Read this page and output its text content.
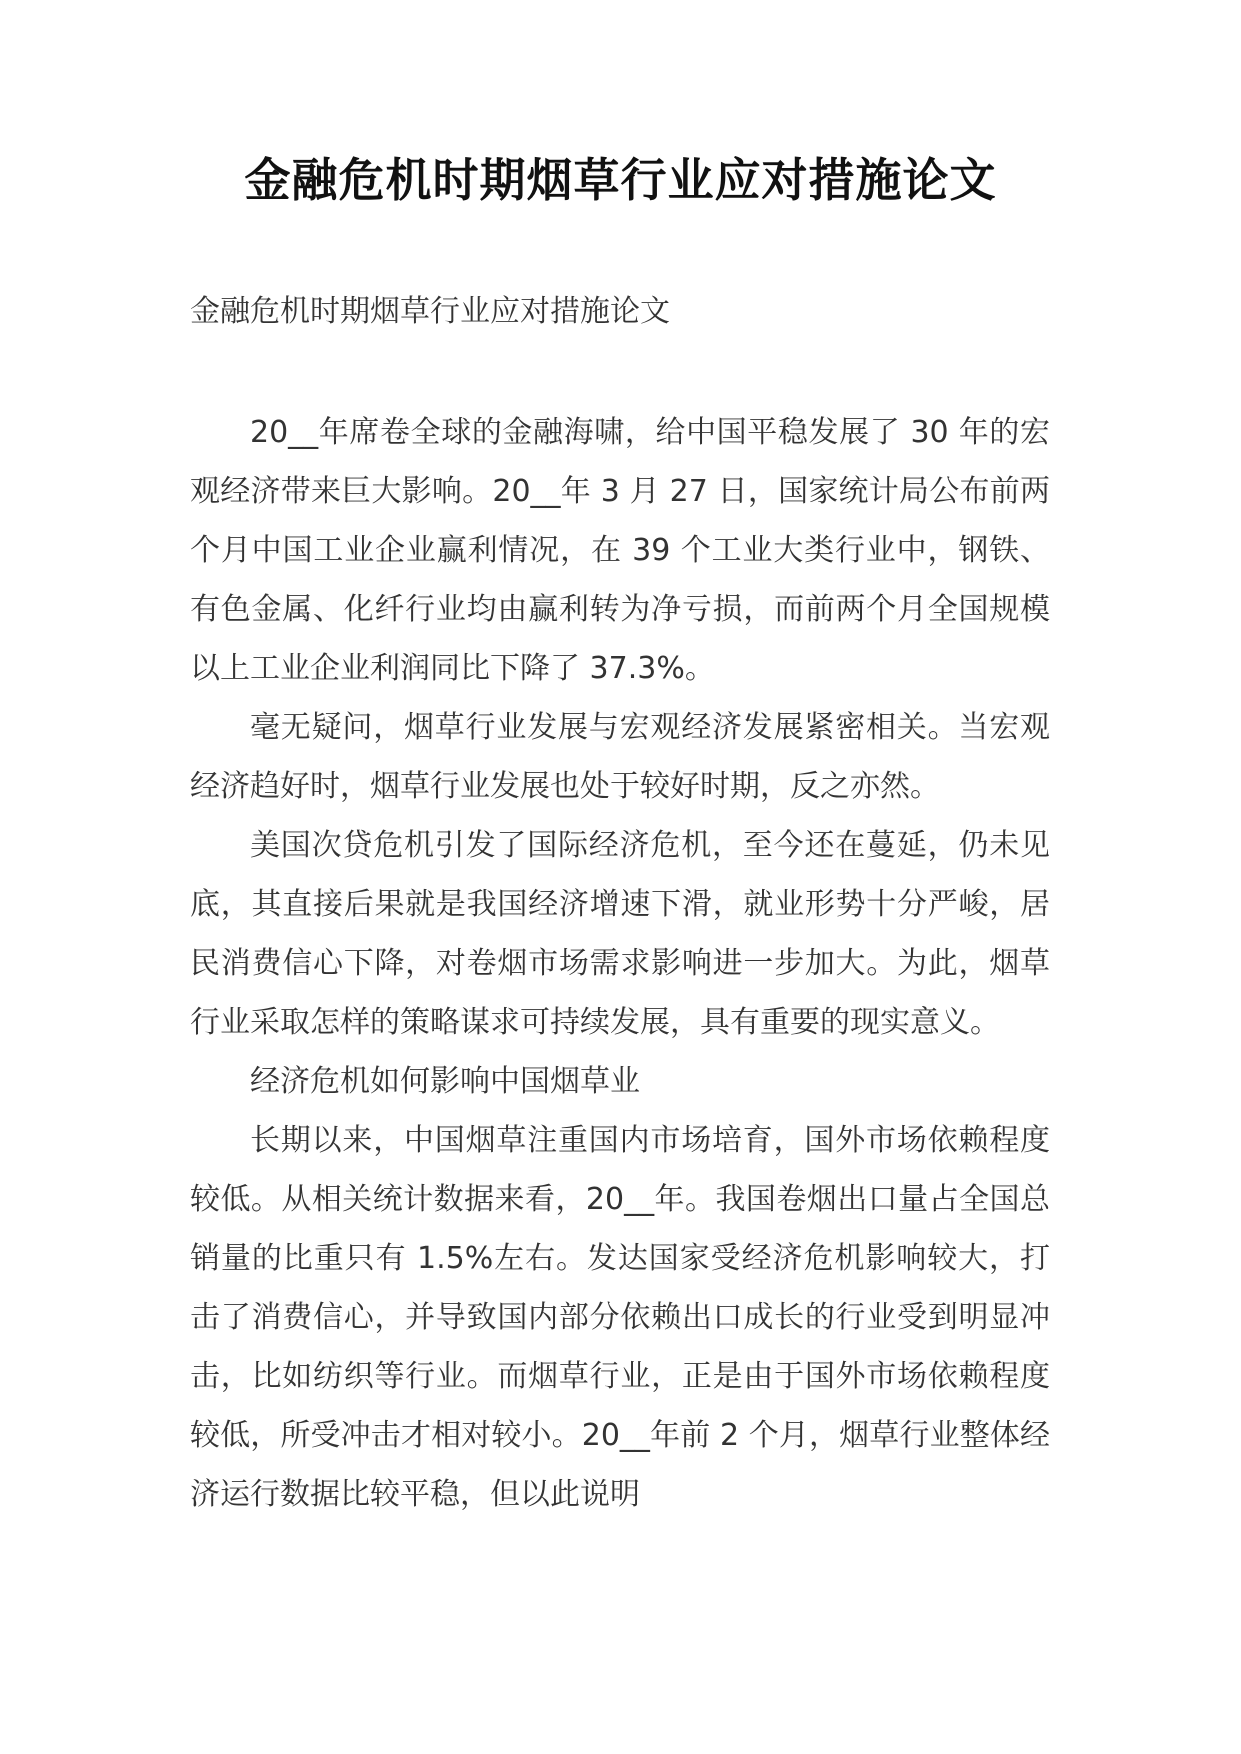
金融危机时期烟草行业应对措施论文
金融危机时期烟草行业应对措施论文

20__年席卷全球的金融海啸，给中国平稳发展了 30 年的宏观经济带来巨大影响。20__年 3 月 27 日，国家统计局公布前两个月中国工业企业赢利情况，在 39 个工业大类行业中，钢铁、有色金属、化纤行业均由赢利转为净亏损，而前两个月全国规模以上工业企业利润同比下降了 37.3%。

毫无疑问，烟草行业发展与宏观经济发展紧密相关。当宏观经济趋好时，烟草行业发展也处于较好时期，反之亦然。

美国次贷危机引发了国际经济危机，至今还在蔓延，仍未见底，其直接后果就是我国经济增速下滑，就业形势十分严峻，居民消费信心下降，对卷烟市场需求影响进一步加大。为此，烟草行业采取怎样的策略谋求可持续发展，具有重要的现实意义。

经济危机如何影响中国烟草业

长期以来，中国烟草注重国内市场培育，国外市场依赖程度较低。从相关统计数据来看，20__年。我国卷烟出口量占全国总销量的比重只有 1.5%左右。发达国家受经济危机影响较大，打击了消费信心，并导致国内部分依赖出口成长的行业受到明显冲击，比如纺织等行业。而烟草行业，正是由于国外市场依赖程度较低，所受冲击才相对较小。20__年前 2 个月，烟草行业整体经济运行数据比较平稳，但以此说明
